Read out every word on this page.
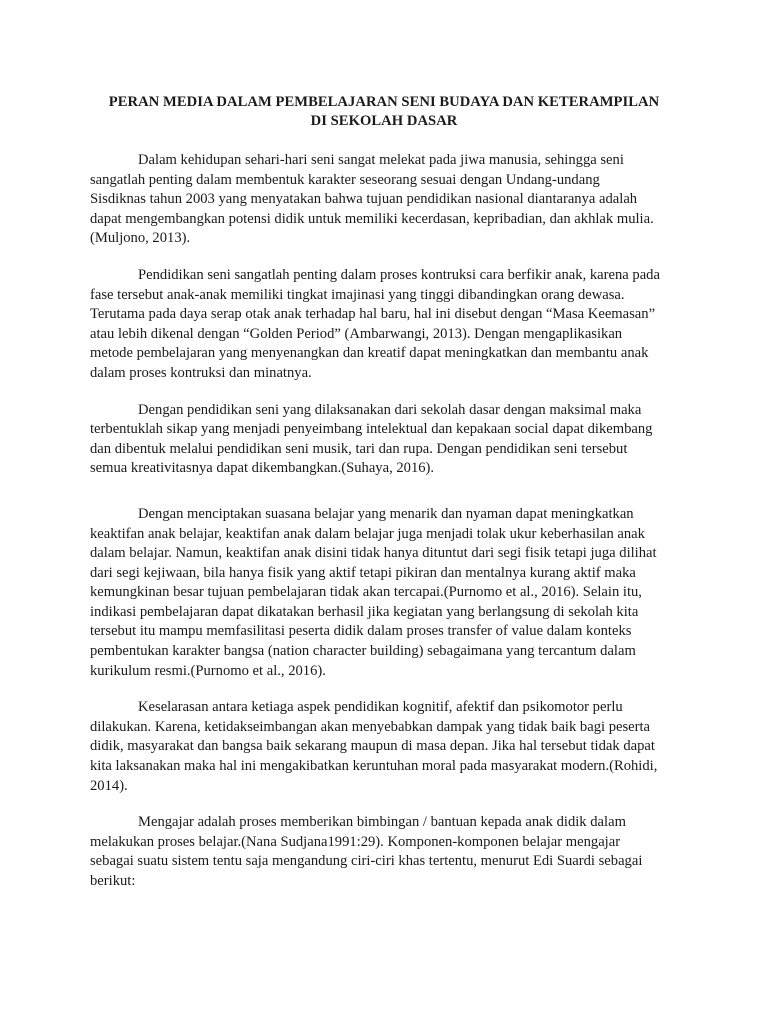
PERAN MEDIA DALAM PEMBELAJARAN SENI BUDAYA DAN KETERAMPILAN
DI SEKOLAH DASAR

Dalam kehidupan sehari-hari seni sangat melekat pada jiwa manusia, sehingga seni
sangatlah penting dalam membentuk karakter seseorang sesuai dengan Undang-undang
Sisdiknas tahun 2003 yang menyatakan bahwa tujuan pendidikan nasional diantaranya adalah
dapat mengembangkan potensi didik untuk memiliki kecerdasan, kepribadian, dan akhlak mulia.
(Muljono, 2013).

Pendidikan seni sangatlah penting dalam proses kontruksi cara berfikir anak, karena pada
fase tersebut anak-anak memiliki tingkat imajinasi yang tinggi dibandingkan orang dewasa.
Terutama pada daya serap otak anak terhadap hal baru, hal ini disebut dengan “Masa Keemasan”
atau lebih dikenal dengan “Golden Period” (Ambarwangi, 2013). Dengan mengaplikasikan
metode pembelajaran yang menyenangkan dan kreatif dapat meningkatkan dan membantu anak
dalam proses kontruksi dan minatnya.

Dengan pendidikan seni yang dilaksanakan dari sekolah dasar dengan maksimal maka
terbentuklah sikap yang menjadi penyeimbang intelektual dan kepakaan social dapat dikembang
dan dibentuk melalui pendidikan seni musik, tari dan rupa. Dengan pendidikan seni tersebut
semua kreativitasnya dapat dikembangkan.(Suhaya, 2016).

Dengan menciptakan suasana belajar yang menarik dan nyaman dapat meningkatkan
keaktifan anak belajar, keaktifan anak dalam belajar juga menjadi tolak ukur keberhasilan anak
dalam belajar. Namun, keaktifan anak disini tidak hanya dituntut dari segi fisik tetapi juga dilihat
dari segi kejiwaan, bila hanya fisik yang aktif tetapi pikiran dan mentalnya kurang aktif maka
kemungkinan besar tujuan pembelajaran tidak akan tercapai.(Purnomo et al., 2016). Selain itu,
indikasi pembelajaran dapat dikatakan berhasil jika kegiatan yang berlangsung di sekolah kita
tersebut itu mampu memfasilitasi peserta didik dalam proses transfer of value dalam konteks
pembentukan karakter bangsa (nation character building) sebagaimana yang tercantum dalam
kurikulum resmi.(Purnomo et al., 2016).

Keselarasan antara ketiaga aspek pendidikan kognitif, afektif dan psikomotor perlu
dilakukan. Karena, ketidakseimbangan akan menyebabkan dampak yang tidak baik bagi peserta
didik, masyarakat dan bangsa baik sekarang maupun di masa depan. Jika hal tersebut tidak dapat
kita laksanakan maka hal ini mengakibatkan keruntuhan moral pada masyarakat modern.(Rohidi,
2014).

Mengajar adalah proses memberikan bimbingan / bantuan kepada anak didik dalam
melakukan proses belajar.(Nana Sudjana1991:29). Komponen-komponen belajar mengajar
sebagai suatu sistem tentu saja mengandung ciri-ciri khas tertentu, menurut Edi Suardi sebagai
berikut:
